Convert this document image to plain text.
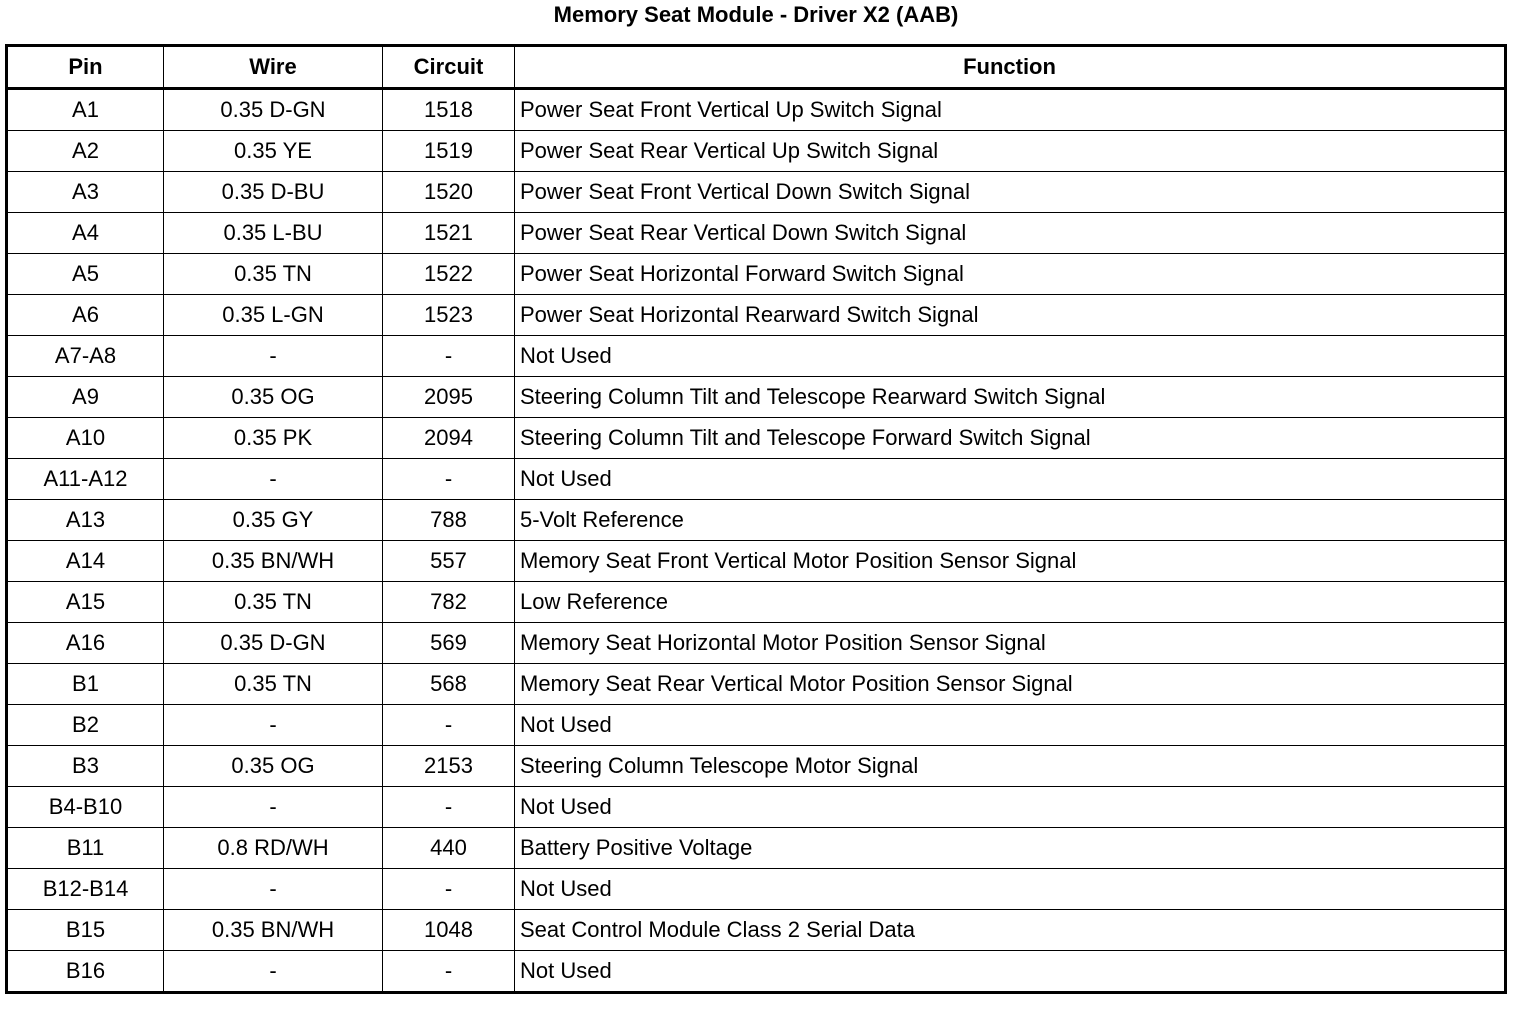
Memory Seat Module - Driver X2 (AAB)
Pin	Wire	Circuit	Function
A1	0.35 D-GN	1518	Power Seat Front Vertical Up Switch Signal
A2	0.35 YE	1519	Power Seat Rear Vertical Up Switch Signal
A3	0.35 D-BU	1520	Power Seat Front Vertical Down Switch Signal
A4	0.35 L-BU	1521	Power Seat Rear Vertical Down Switch Signal
A5	0.35 TN	1522	Power Seat Horizontal Forward Switch Signal
A6	0.35 L-GN	1523	Power Seat Horizontal Rearward Switch Signal
A7-A8	-	-	Not Used
A9	0.35 OG	2095	Steering Column Tilt and Telescope Rearward Switch Signal
A10	0.35 PK	2094	Steering Column Tilt and Telescope Forward Switch Signal
A11-A12	-	-	Not Used
A13	0.35 GY	788	5-Volt Reference
A14	0.35 BN/WH	557	Memory Seat Front Vertical Motor Position Sensor Signal
A15	0.35 TN	782	Low Reference
A16	0.35 D-GN	569	Memory Seat Horizontal Motor Position Sensor Signal
B1	0.35 TN	568	Memory Seat Rear Vertical Motor Position Sensor Signal
B2	-	-	Not Used
B3	0.35 OG	2153	Steering Column Telescope Motor Signal
B4-B10	-	-	Not Used
B11	0.8 RD/WH	440	Battery Positive Voltage
B12-B14	-	-	Not Used
B15	0.35 BN/WH	1048	Seat Control Module Class 2 Serial Data
B16	-	-	Not Used
